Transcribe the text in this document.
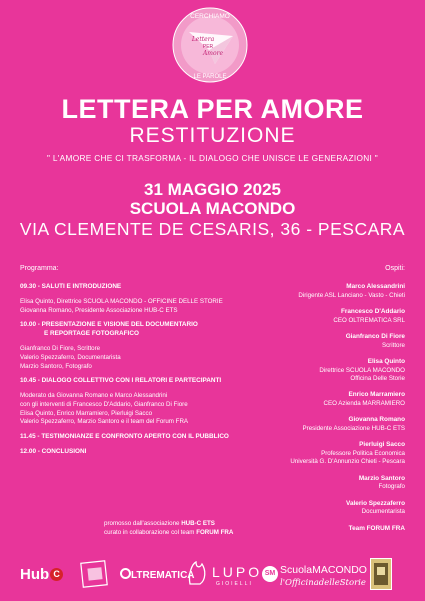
CERCHIAMO
Lettera
PER
Amore
LE PAROLE
LETTERA PER AMORE
RESTITUZIONE
" L'AMORE CHE CI TRASFORMA - IL DIALOGO CHE UNISCE LE GENERAZIONI "
31 MAGGIO 2025
SCUOLA MACONDO
VIA CLEMENTE DE CESARIS, 36 - PESCARA
Programma:	Ospiti:
09.30 - SALUTI E INTRODUZIONE
Elisa Quinto, Direttrice SCUOLA MACONDO - OFFICINE DELLE STORIE
Giovanna Romano, Presidente Associazione HUB-C ETS
10.00 - PRESENTAZIONE E VISIONE DEL DOCUMENTARIO
E REPORTAGE FOTOGRAFICO
Gianfranco Di Fiore, Scrittore
Valerio Spezzaferro, Documentarista
Marzio Santoro, Fotografo
10.45 - DIALOGO COLLETTIVO CON I RELATORI E PARTECIPANTI
Moderato da Giovanna Romano e Marco Alessandrini
con gli interventi di Francesco D'Addario, Gianfranco Di Fiore
Elisa Quinto, Enrico Marramiero, Pierluigi Sacco
Valerio Spezzaferro, Marzio Santoro e il team del Forum FRA
11.45 - TESTIMONIANZE E CONFRONTO APERTO CON IL PUBBLICO
12.00 - CONCLUSIONI
Marco Alessandrini
Dirigente ASL Lanciano - Vasto - Chieti
Francesco D'Addario
CEO OLTREMATICA SRL
Gianfranco Di Fiore
Scrittore
Elisa Quinto
Direttrice SCUOLA MACONDO
Officina Delle Storie
Enrico Marramiero
CEO Azienda MARRAMIERO
Giovanna Romano
Presidente Associazione HUB-C ETS
Pierluigi Sacco
Professore Politica Economica
Università G. D'Annunzio Chieti - Pescara
Marzio Santoro
Fotografo
Valerio Spezzaferro
Documentarista
Team FORUM FRA
promosso dall'associazione HUB-C ETS
curato in collaborazione col team FORUM FRA
Hub C	LTREMATICA LUPO
GIOIELLI
SM ScuolaMACONDO
l'OfficinadelleStorie
